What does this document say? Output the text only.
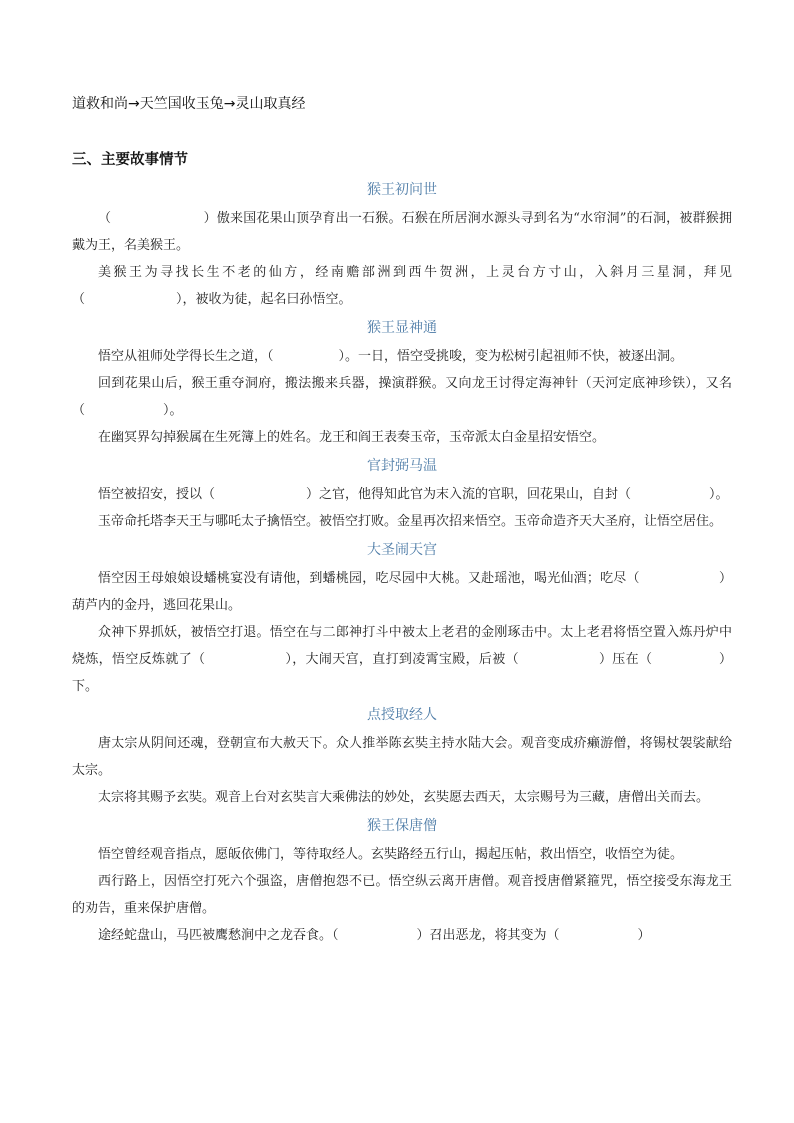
道救和尚→天竺国收玉兔→灵山取真经
三、主要故事情节
猴王初问世

（　　　　　　　）傲来国花果山顶孕育出一石猴。石猴在所居涧水源头寻到名为“水帘洞”的石洞，被群猴拥戴为王，名美猴王。

美猴王为寻找长生不老的仙方，经南赡部洲到西牛贺洲，上灵台方寸山，入斜月三星洞，拜见（　　　　　　　），被收为徒，起名曰孙悟空。

猴王显神通

悟空从祖师处学得长生之道，（　　　　　）。一日，悟空受挑唆，变为松树引起祖师不快，被逐出洞。

回到花果山后，猴王重夺洞府，搬法搬来兵器，操演群猴。又向龙王讨得定海神针（天河定底神珍铁），又名（　　　　　　）。

在幽冥界勾掉猴属在生死簿上的姓名。龙王和阎王表奏玉帝，玉帝派太白金星招安悟空。

官封弼马温

悟空被招安，授以（　　　　　　　）之官，他得知此官为末入流的官职，回花果山，自封（　　　　　　）。

玉帝命托塔李天王与哪吒太子擒悟空。被悟空打败。金星再次招来悟空。玉帝命造齐天大圣府，让悟空居住。

大圣闹天宫

悟空因王母娘娘设蟠桃宴没有请他，到蟠桃园，吃尽园中大桃。又赴瑶池，喝光仙酒；吃尽（　　　　　　）葫芦内的金丹，逃回花果山。

众神下界抓妖，被悟空打退。悟空在与二郎神打斗中被太上老君的金刚琢击中。太上老君将悟空置入炼丹炉中烧炼，悟空反炼就了（　　　　　　），大闹天宫，直打到凌霄宝殿，后被（　　　　　　）压在（　　　　　）下。

点授取经人

唐太宗从阴间还魂，登朝宣布大赦天下。众人推举陈玄奘主持水陆大会。观音变成疥癞游僧，将锡杖袈裟献给太宗。

太宗将其赐予玄奘。观音上台对玄奘言大乘佛法的妙处，玄奘愿去西天，太宗赐号为三藏，唐僧出关而去。

猴王保唐僧

悟空曾经观音指点，愿皈依佛门，等待取经人。玄奘路经五行山，揭起压帖，救出悟空，收悟空为徒。

西行路上，因悟空打死六个强盗，唐僧抱怨不已。悟空纵云离开唐僧。观音授唐僧紧箍咒，悟空接受东海龙王的劝告，重来保护唐僧。

途经蛇盘山，马匹被鹰愁涧中之龙吞食。（　　　　　　）召出恶龙，将其变为（　　　　　　）
